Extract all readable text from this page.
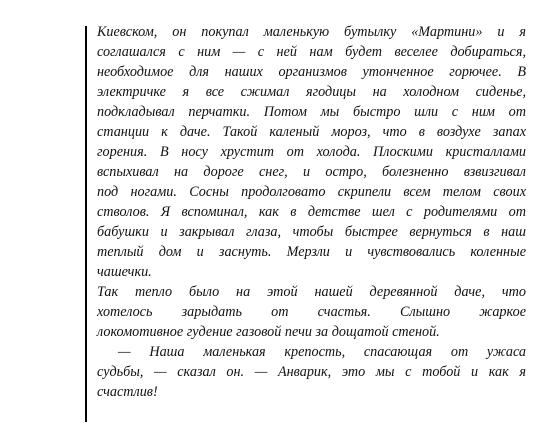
Киевском, он покупал маленькую бутылку «Мартини» и я
соглашался с ним — с ней нам будет веселее добираться,
необходимое для наших организмов утонченное горючее. В
электричке я все сжимал ягодицы на холодном сиденье,
подкладывал перчатки. Потом мы быстро шли с ним от
станции к даче. Такой каленый мороз, что в воздухе запах
горения. В носу хрустит от холода. Плоскими кристаллами
вспыхивал на дороге снег, и остро, болезненно взвизгивал
под ногами. Сосны продолговато скрипели всем телом своих
стволов. Я вспоминал, как в детстве шел с родителями от
бабушки и закрывал глаза, чтобы быстрее вернуться в наш
теплый дом и заснуть. Мерзли и чувствовались коленные
чашечки.
Так тепло было на этой нашей деревянной даче, что
хотелось зарыдать от счастья. Слышно жаркое
локомотивное гудение газовой печи за дощатой стеной.
— Наша маленькая крепость, спасающая от ужаса
судьбы, — сказал он. — Анварик, это мы с тобой и как я
счастлив!
